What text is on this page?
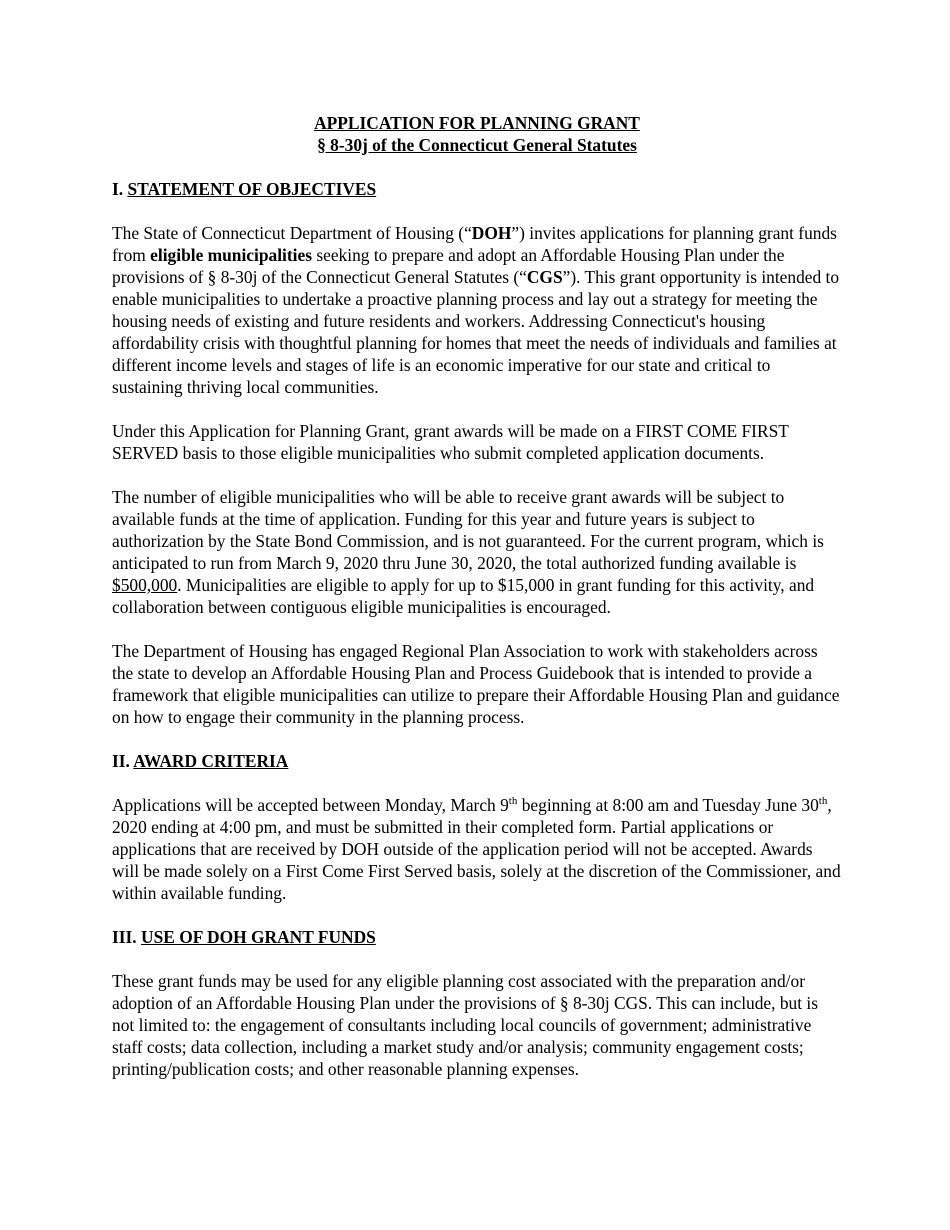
APPLICATION FOR PLANNING GRANT
§ 8-30j of the Connecticut General Statutes
I. STATEMENT OF OBJECTIVES

The State of Connecticut Department of Housing (“DOH”) invites applications for planning grant funds from eligible municipalities seeking to prepare and adopt an Affordable Housing Plan under the provisions of § 8-30j of the Connecticut General Statutes (“CGS”). This grant opportunity is intended to enable municipalities to undertake a proactive planning process and lay out a strategy for meeting the housing needs of existing and future residents and workers. Addressing Connecticut's housing affordability crisis with thoughtful planning for homes that meet the needs of individuals and families at different income levels and stages of life is an economic imperative for our state and critical to sustaining thriving local communities.

Under this Application for Planning Grant, grant awards will be made on a FIRST COME FIRST SERVED basis to those eligible municipalities who submit completed application documents.

The number of eligible municipalities who will be able to receive grant awards will be subject to available funds at the time of application. Funding for this year and future years is subject to authorization by the State Bond Commission, and is not guaranteed. For the current program, which is anticipated to run from March 9, 2020 thru June 30, 2020, the total authorized funding available is $500,000. Municipalities are eligible to apply for up to $15,000 in grant funding for this activity, and collaboration between contiguous eligible municipalities is encouraged.

The Department of Housing has engaged Regional Plan Association to work with stakeholders across the state to develop an Affordable Housing Plan and Process Guidebook that is intended to provide a framework that eligible municipalities can utilize to prepare their Affordable Housing Plan and guidance on how to engage their community in the planning process.

II. AWARD CRITERIA

Applications will be accepted between Monday, March 9th beginning at 8:00 am and Tuesday June 30th, 2020 ending at 4:00 pm, and must be submitted in their completed form. Partial applications or applications that are received by DOH outside of the application period will not be accepted. Awards will be made solely on a First Come First Served basis, solely at the discretion of the Commissioner, and within available funding.

III. USE OF DOH GRANT FUNDS

These grant funds may be used for any eligible planning cost associated with the preparation and/or adoption of an Affordable Housing Plan under the provisions of § 8-30j CGS. This can include, but is not limited to: the engagement of consultants including local councils of government; administrative staff costs; data collection, including a market study and/or analysis; community engagement costs; printing/publication costs; and other reasonable planning expenses.
